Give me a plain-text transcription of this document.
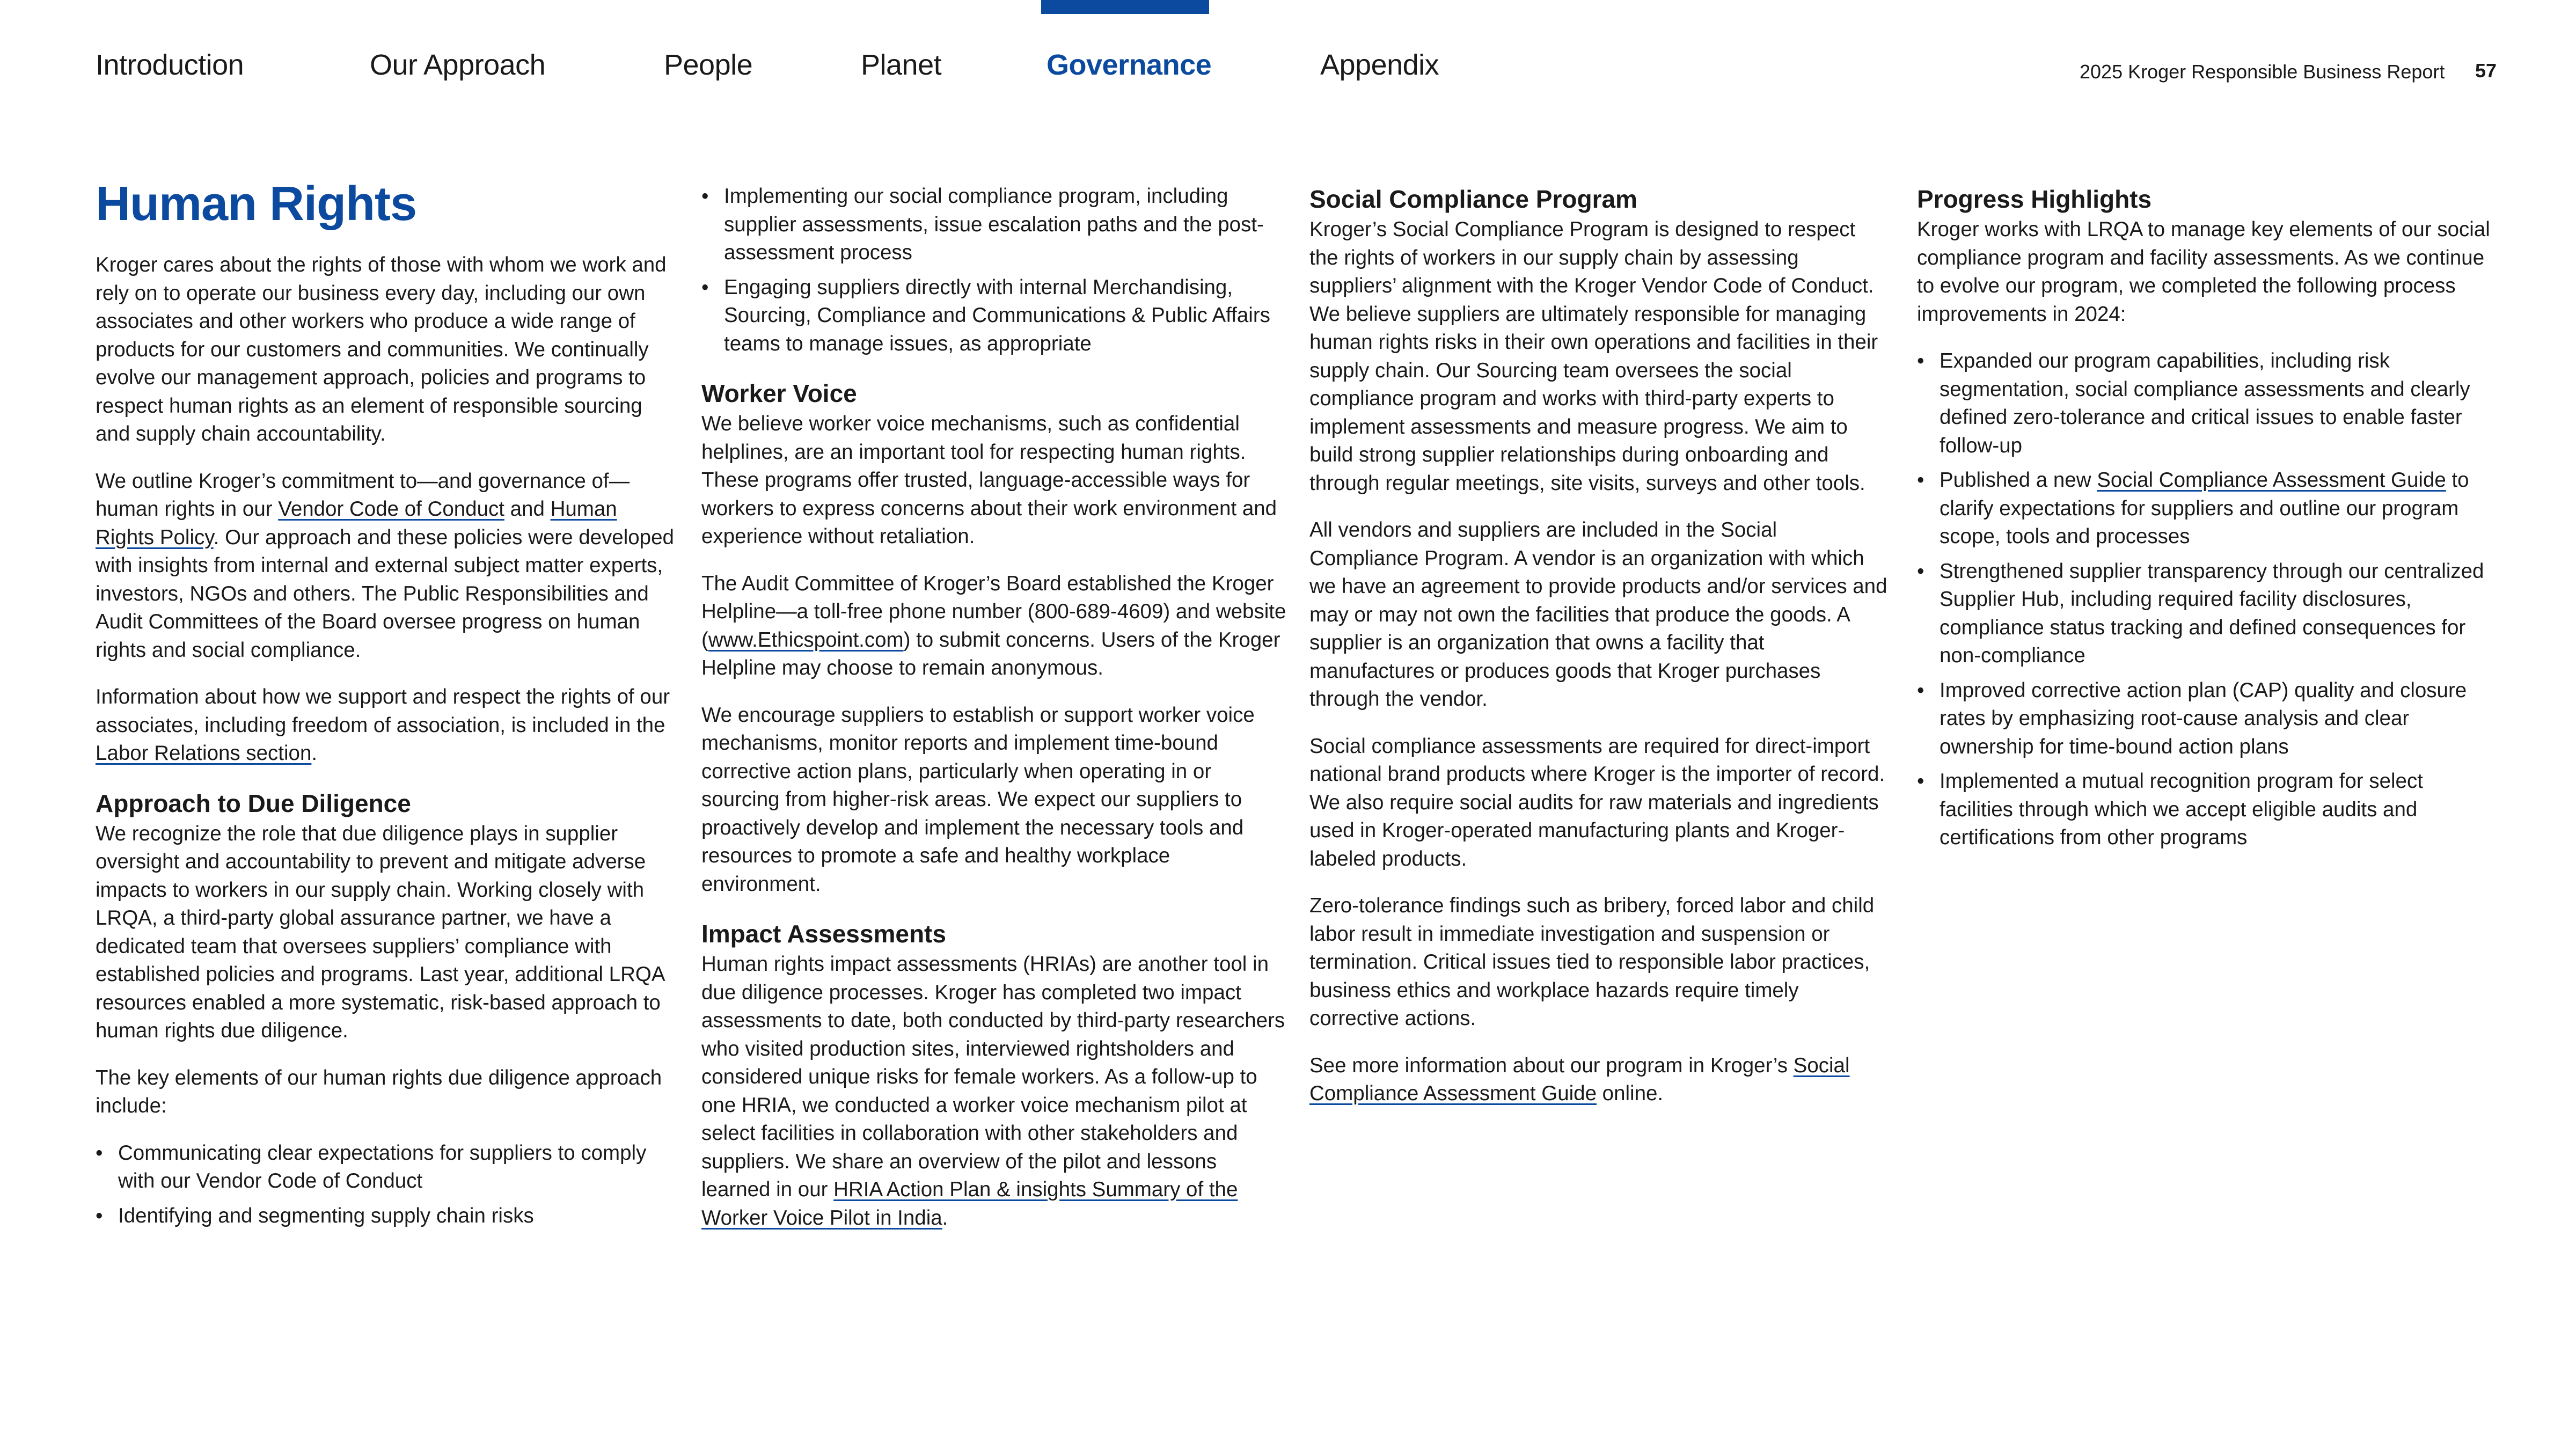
Introduction	Our Approach	People	Planet	Governance	Appendix	2025 Kroger Responsible Business Report 57
Human Rights

Kroger cares about the rights of those with whom we work and rely on to operate our business every day, including our own associates and other workers who produce a wide range of products for our customers and communities. We continually evolve our management approach, policies and programs to respect human rights as an element of responsible sourcing and supply chain accountability.

We outline Kroger’s commitment to—and governance of—human rights in our Vendor Code of Conduct and Human Rights Policy. Our approach and these policies were developed with insights from internal and external subject matter experts, investors, NGOs and others. The Public Responsibilities and Audit Committees of the Board oversee progress on human rights and social compliance.

Information about how we support and respect the rights of our associates, including freedom of association, is included in the Labor Relations section.

Approach to Due Diligence

We recognize the role that due diligence plays in supplier oversight and accountability to prevent and mitigate adverse impacts to workers in our supply chain. Working closely with LRQA, a third-party global assurance partner, we have a dedicated team that oversees suppliers’ compliance with established policies and programs. Last year, additional LRQA resources enabled a more systematic, risk-based approach to human rights due diligence.

The key elements of our human rights due diligence approach include:

• Communicating clear expectations for suppliers to comply with our Vendor Code of Conduct
• Identifying and segmenting supply chain risks
• Implementing our social compliance program, including supplier assessments, issue escalation paths and the post-assessment process
• Engaging suppliers directly with internal Merchandising, Sourcing, Compliance and Communications & Public Affairs teams to manage issues, as appropriate
Worker Voice

We believe worker voice mechanisms, such as confidential helplines, are an important tool for respecting human rights. These programs offer trusted, language-accessible ways for workers to express concerns about their work environment and experience without retaliation.

The Audit Committee of Kroger’s Board established the Kroger Helpline—a toll-free phone number (800-689-4609) and website (www.Ethicspoint.com) to submit concerns. Users of the Kroger Helpline may choose to remain anonymous.

We encourage suppliers to establish or support worker voice mechanisms, monitor reports and implement time-bound corrective action plans, particularly when operating in or sourcing from higher-risk areas. We expect our suppliers to proactively develop and implement the necessary tools and resources to promote a safe and healthy workplace environment.

Impact Assessments

Human rights impact assessments (HRIAs) are another tool in due diligence processes. Kroger has completed two impact assessments to date, both conducted by third-party researchers who visited production sites, interviewed rightsholders and considered unique risks for female workers. As a follow-up to one HRIA, we conducted a worker voice mechanism pilot at select facilities in collaboration with other stakeholders and suppliers. We share an overview of the pilot and lessons learned in our HRIA Action Plan & insights Summary of the Worker Voice Pilot in India.

Social Compliance Program

Kroger’s Social Compliance Program is designed to respect the rights of workers in our supply chain by assessing suppliers’ alignment with the Kroger Vendor Code of Conduct. We believe suppliers are ultimately responsible for managing human rights risks in their own operations and facilities in their supply chain. Our Sourcing team oversees the social compliance program and works with third-party experts to implement assessments and measure progress. We aim to build strong supplier relationships during onboarding and through regular meetings, site visits, surveys and other tools.

All vendors and suppliers are included in the Social Compliance Program. A vendor is an organization with which we have an agreement to provide products and/or services and may or may not own the facilities that produce the goods. A supplier is an organization that owns a facility that manufactures or produces goods that Kroger purchases through the vendor.

Social compliance assessments are required for direct-import national brand products where Kroger is the importer of record. We also require social audits for raw materials and ingredients used in Kroger-operated manufacturing plants and Kroger-labeled products.

Zero-tolerance findings such as bribery, forced labor and child labor result in immediate investigation and suspension or termination. Critical issues tied to responsible labor practices, business ethics and workplace hazards require timely corrective actions.

See more information about our program in Kroger’s Social Compliance Assessment Guide online.

Progress Highlights

Kroger works with LRQA to manage key elements of our social compliance program and facility assessments. As we continue to evolve our program, we completed the following process improvements in 2024:

• Expanded our program capabilities, including risk segmentation, social compliance assessments and clearly defined zero-tolerance and critical issues to enable faster follow-up
• Published a new Social Compliance Assessment Guide to clarify expectations for suppliers and outline our program scope, tools and processes
• Strengthened supplier transparency through our centralized Supplier Hub, including required facility disclosures, compliance status tracking and defined consequences for non-compliance
• Improved corrective action plan (CAP) quality and closure rates by emphasizing root-cause analysis and clear ownership for time-bound action plans
• Implemented a mutual recognition program for select facilities through which we accept eligible audits and certifications from other programs
